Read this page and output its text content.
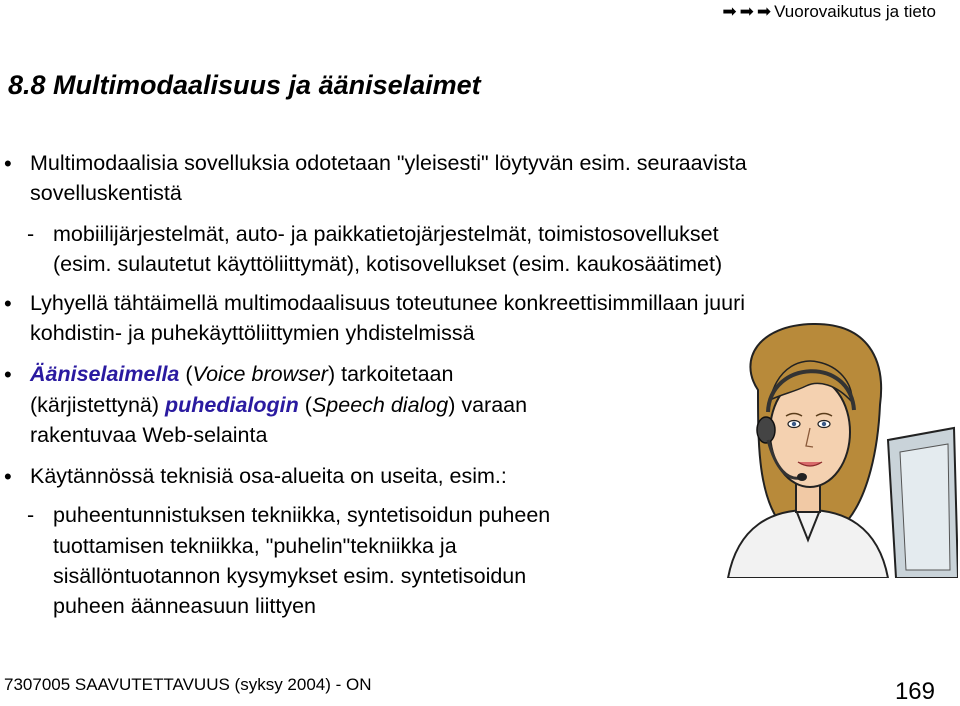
➡ ➡ ➡ Vuorovaikutus ja tieto
8.8 Multimodaalisuus ja ääniselaimet
• Multimodaalisia sovelluksia odotetaan "yleisesti" löytyvän esim. seuraavista
sovelluskentistä
- mobiilijärjestelmät, auto- ja paikkatietojärjestelmät, toimistosovellukset
(esim. sulautetut käyttöliittymät), kotisovellukset (esim. kaukosäätimet)
• Lyhyellä tähtäimellä multimodaalisuus toteutunee konkreettisimmillaan juuri
kohdistin- ja puhekäyttöliittymien yhdistelmissä
• Ääniselaimella (Voice browser) tarkoitetaan
(kärjistettynä) puhedialogin (Speech dialog) varaan
rakentuvaa Web-selainta
• Käytännössä teknisiä osa-alueita on useita, esim.:
- puheentunnistuksen tekniikka, syntetisoidun puheen
tuottamisen tekniikka, "puhelin"tekniikka ja
sisällöntuotannon kysymykset esim. syntetisoidun
puheen äänneasuun liittyen
7307005 SAAVUTETTAVUUS (syksy 2004) - ON	169
